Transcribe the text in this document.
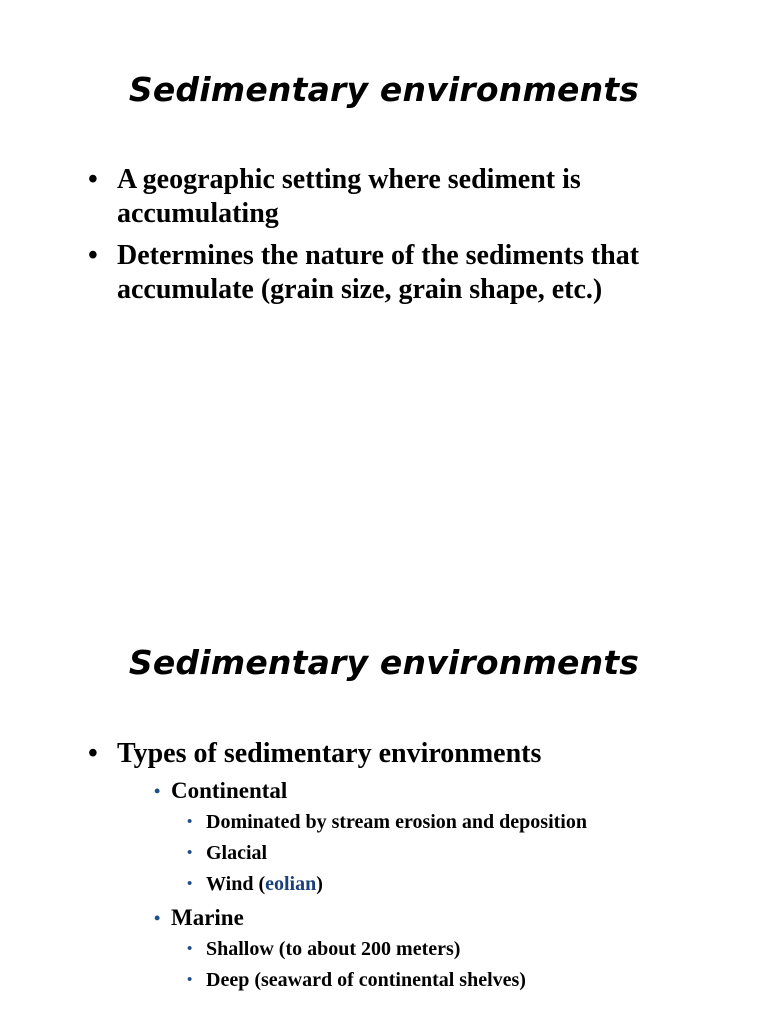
Sedimentary environments
• A geographic setting where sediment is accumulating
• Determines the nature of the sediments that accumulate (grain size, grain shape, etc.)
Sedimentary environments
• Types of sedimentary environments
• Continental
• Dominated by stream erosion and deposition
• Glacial
• Wind (eolian)
• Marine
• Shallow (to about 200 meters)
• Deep (seaward of continental shelves)
